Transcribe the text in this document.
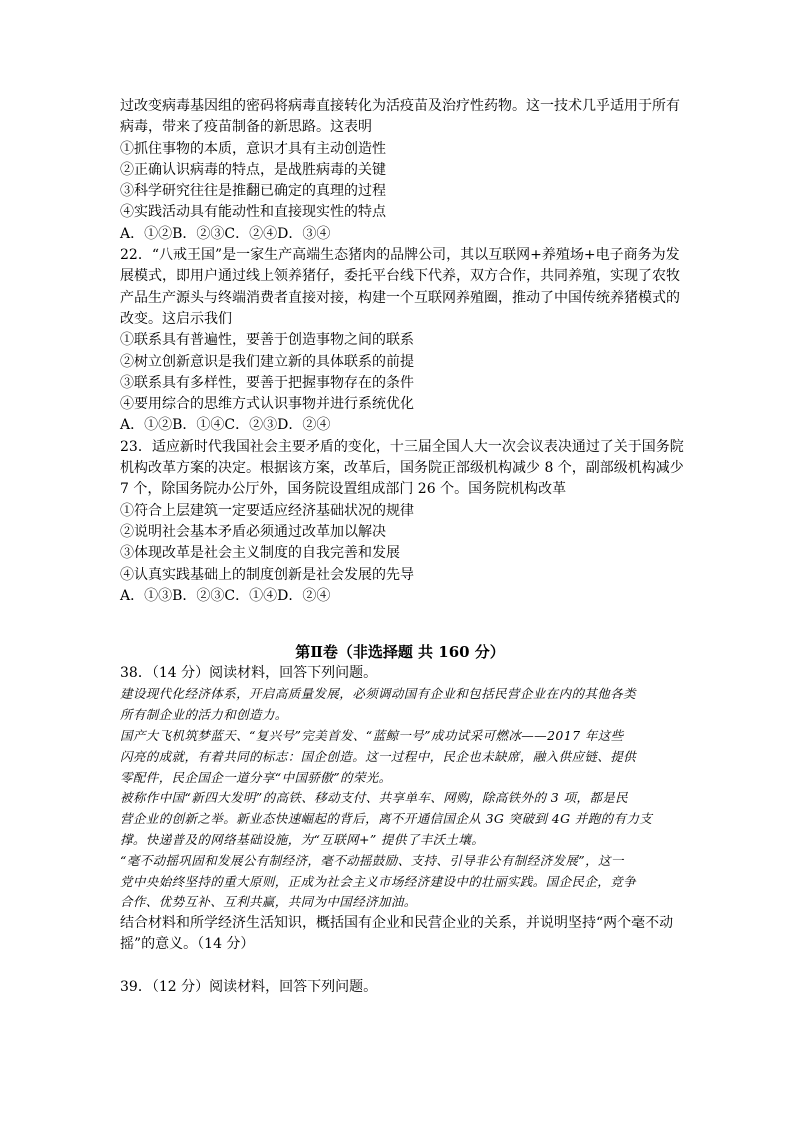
过改变病毒基因组的密码将病毒直接转化为活疫苗及治疗性药物。这一技术几乎适用于所有
病毒，带来了疫苗制备的新思路。这表明
①抓住事物的本质，意识才具有主动创造性
②正确认识病毒的特点，是战胜病毒的关键
③科学研究往往是推翻已确定的真理的过程
④实践活动具有能动性和直接现实性的特点
A．①②B．②③C．②④D．③④
22．“八戒王国”是一家生产高端生态猪肉的品牌公司，其以互联网+养殖场+电子商务为发
展模式，即用户通过线上领养猪仔，委托平台线下代养，双方合作，共同养殖，实现了农牧
产品生产源头与终端消费者直接对接，构建一个互联网养殖圈，推动了中国传统养猪模式的
改变。这启示我们
①联系具有普遍性，要善于创造事物之间的联系
②树立创新意识是我们建立新的具体联系的前提
③联系具有多样性，要善于把握事物存在的条件
④要用综合的思维方式认识事物并进行系统优化
A．①②B．①④C．②③D．②④
23．适应新时代我国社会主要矛盾的变化，十三届全国人大一次会议表决通过了关于国务院
机构改革方案的决定。根据该方案，改革后，国务院正部级机构减少 8 个，副部级机构减少
7 个，除国务院办公厅外，国务院设置组成部门 26 个。国务院机构改革
①符合上层建筑一定要适应经济基础状况的规律
②说明社会基本矛盾必须通过改革加以解决
③体现改革是社会主义制度的自我完善和发展
④认真实践基础上的制度创新是社会发展的先导
A．①③B．②③C．①④D．②④
第Ⅱ卷（非选择题 共 160 分）
38．（14 分）阅读材料，回答下列问题。
建设现代化经济体系，开启高质量发展，必须调动国有企业和包括民营企业在内的其他各类
所有制企业的活力和创造力。
国产大飞机筑梦蓝天、“复兴号”完美首发、“蓝鲸一号”成功试采可燃冰——2017 年这些
闪亮的成就，有着共同的标志：国企创造。这一过程中，民企也未缺席，融入供应链、提供
零配件，民企国企一道分享“中国骄傲”的荣光。
被称作中国“新四大发明”的高铁、移动支付、共享单车、网购，除高铁外的 3 项，都是民
营企业的创新之举。新业态快速崛起的背后，离不开通信国企从 3G 突破到 4G 并跑的有力支
撑。快递普及的网络基础设施，为“互联网+” 提供了丰沃土壤。
“毫不动摇巩固和发展公有制经济，毫不动摇鼓励、支持、引导非公有制经济发展”，这一
党中央始终坚持的重大原则，正成为社会主义市场经济建设中的壮丽实践。国企民企，竞争
合作、优势互补、互利共赢，共同为中国经济加油。
结合材料和所学经济生活知识，概括国有企业和民营企业的关系，并说明坚持“两个毫不动
摇”的意义。（14 分）
39．（12 分）阅读材料，回答下列问题。
